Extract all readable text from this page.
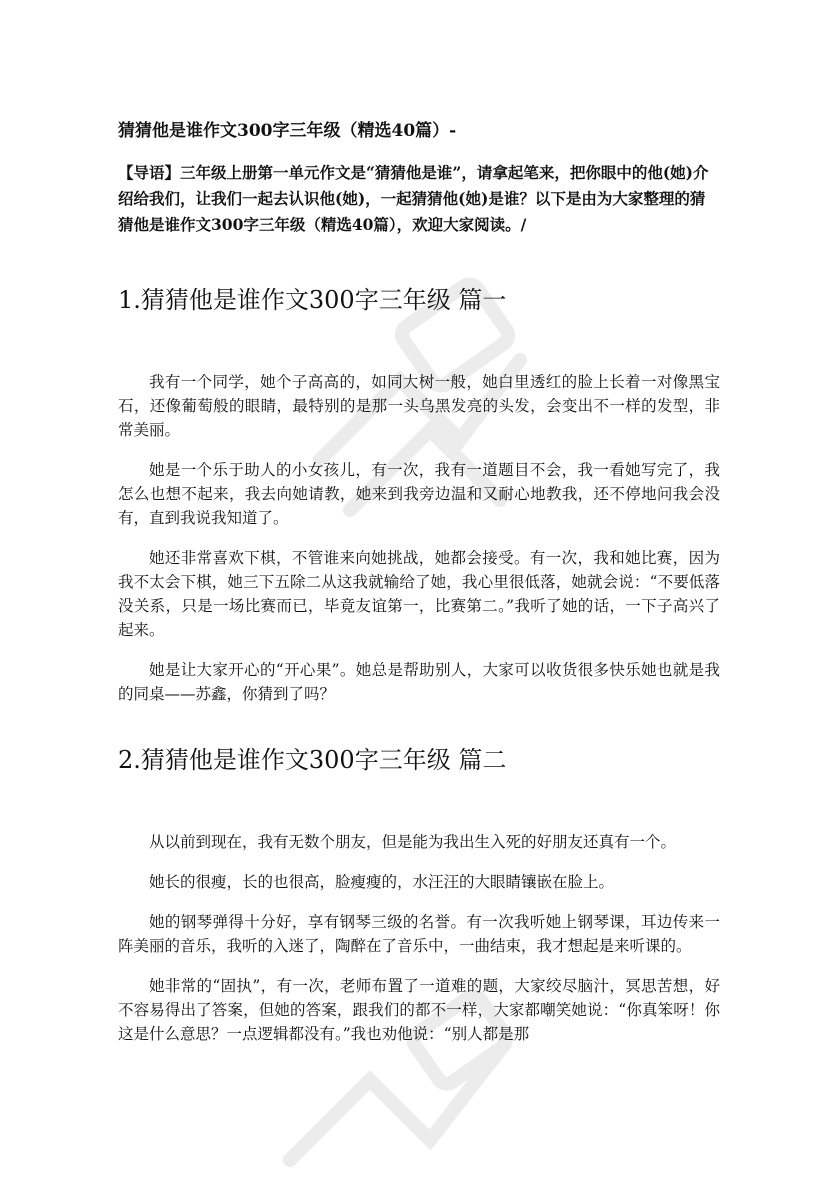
猜猜他是谁作文300字三年级（精选40篇）-

【导语】三年级上册第一单元作文是“猜猜他是谁”，请拿起笔来，把你眼中的他(她)介绍给我们，让我们一起去认识他(她)，一起猜猜他(她)是谁？以下是由为大家整理的猜猜他是谁作文300字三年级（精选40篇），欢迎大家阅读。/

1.猜猜他是谁作文300字三年级 篇一

我有一个同学，她个子高高的，如同大树一般，她白里透红的脸上长着一对像黑宝石，还像葡萄般的眼睛，最特别的是那一头乌黑发亮的头发，会变出不一样的发型，非常美丽。

她是一个乐于助人的小女孩儿，有一次，我有一道题目不会，我一看她写完了，我怎么也想不起来，我去向她请教，她来到我旁边温和又耐心地教我，还不停地问我会没有，直到我说我知道了。

她还非常喜欢下棋，不管谁来向她挑战，她都会接受。有一次，我和她比赛，因为我不太会下棋，她三下五除二从这我就输给了她，我心里很低落，她就会说：“不要低落没关系，只是一场比赛而已，毕竟友谊第一，比赛第二。”我听了她的话，一下子高兴了起来。

她是让大家开心的“开心果”。她总是帮助别人，大家可以收货很多快乐她也就是我的同桌——苏鑫，你猜到了吗？

2.猜猜他是谁作文300字三年级 篇二

从以前到现在，我有无数个朋友，但是能为我出生入死的好朋友还真有一个。

她长的很瘦，长的也很高，脸瘦瘦的，水汪汪的大眼睛镶嵌在脸上。

她的钢琴弹得十分好，享有钢琴三级的名誉。有一次我听她上钢琴课，耳边传来一阵美丽的音乐，我听的入迷了，陶醉在了音乐中，一曲结束，我才想起是来听课的。

她非常的“固执”，有一次，老师布置了一道难的题，大家绞尽脑汁，冥思苦想，好不容易得出了答案，但她的答案，跟我们的都不一样，大家都嘲笑她说：“你真笨呀！你这是什么意思？一点逻辑都没有。”我也劝他说：“别人都是那
